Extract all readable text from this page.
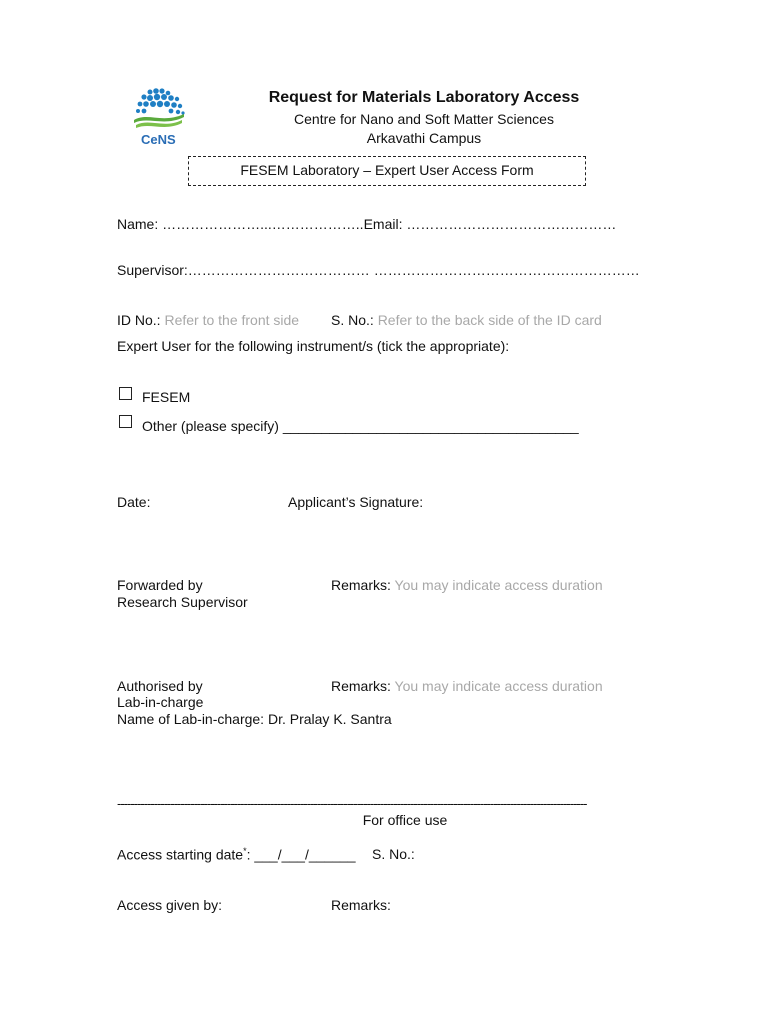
CeNS
Request for Materials Laboratory Access
Centre for Nano and Soft Matter Sciences
Arkavathi Campus
FESEM Laboratory – Expert User Access Form
Name: …………………...………………..Email: ………………………………………
Supervisor:………………………………… …………………………………………………
ID No.: Refer to the front side S. No.: Refer to the back side of the ID card
Expert User for the following instrument/s (tick the appropriate):
FESEM
Other (please specify) ______________________________________
Date:	Applicant’s Signature:
Forwarded by
Research Supervisor
Remarks: You may indicate access duration
Authorised by
Lab-in-charge
Name of Lab-in-charge: Dr. Pralay K. Santra
Remarks: You may indicate access duration
---------------------------------------------------------------------------------------------------------------------------------------------
For office use
Access starting date*: ___/___/______ S. No.:
Access given by:	Remarks:
